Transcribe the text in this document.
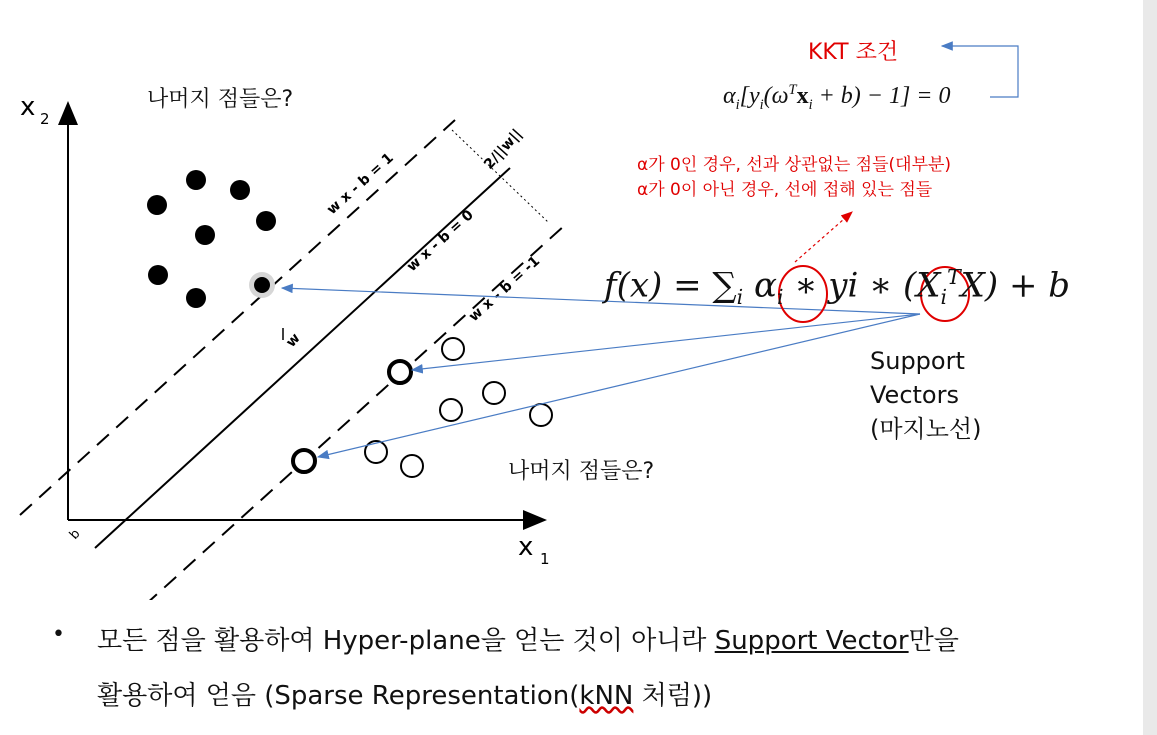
x 2
x 1
w x - b = 1
w x - b = 0
w x - b = -1
2/||w||
w
b
나머지 점들은?
나머지 점들은?
KKT 조건
$\alpha_i[y_i(\omega^Tx_i + b) - 1] = 0$
α가 0인 경우, 선과 상관없는 점들(대부분)
α가 0이 아닌 경우, 선에 접해 있는 점들
$f(x) = \sum_i$ $\alpha_i$ ∗ yi ∗ $(X_i^TX) + b$
Support
Vectors
(마지노선)
• 모든 점을 활용하여 Hyper-plane을 얻는 것이 아니라 Support Vector만을
활용하여 얻음 (Sparse Representation(kNN 처럼))
